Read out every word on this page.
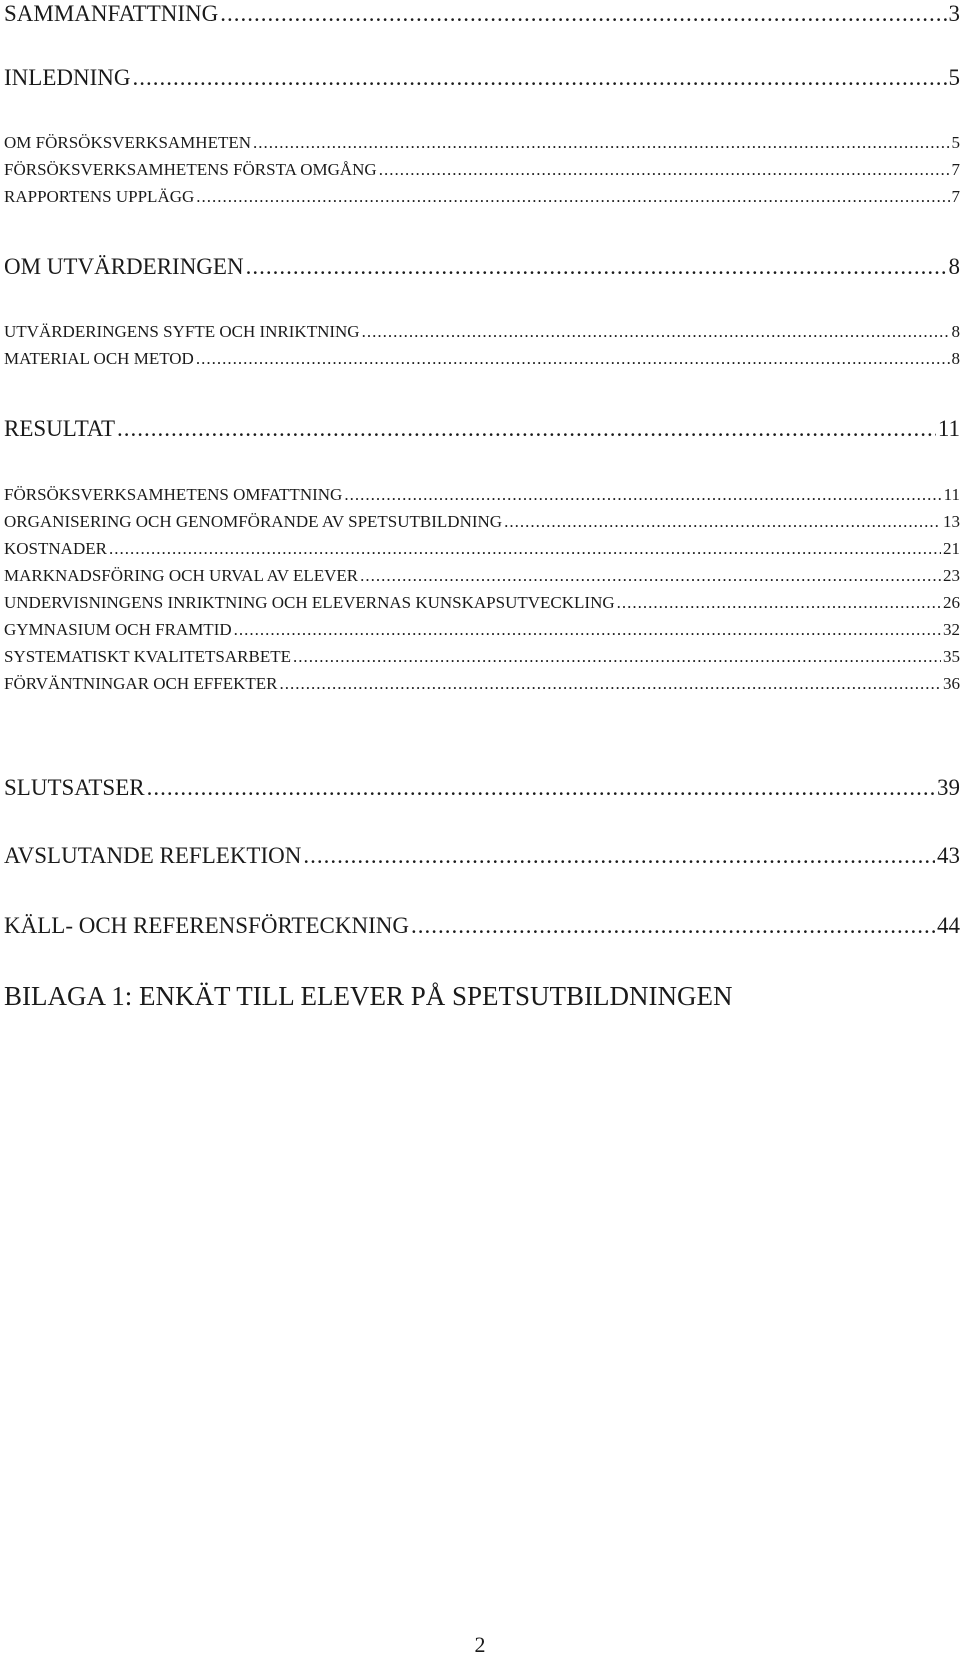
SAMMANFATTNING .....	3
INLEDNING .....	5
OM FÖRSÖKSVERKSAMHETEN .....	5
FÖRSÖKSVERKSAMHETENS FÖRSTA OMGÅNG .....	7
RAPPORTENS UPPLÄGG .....	7
OM UTVÄRDERINGEN .....	8
UTVÄRDERINGENS SYFTE OCH INRIKTNING .....	8
MATERIAL OCH METOD .....	8
RESULTAT .....	11
FÖRSÖKSVERKSAMHETENS OMFATTNING .....	11
ORGANISERING OCH GENOMFÖRANDE AV SPETSUTBILDNING .....	13
KOSTNADER .....	21
MARKNADSFÖRING OCH URVAL AV ELEVER .....	23
UNDERVISNINGENS INRIKTNING OCH ELEVERNAS KUNSKAPSUTVECKLING .....	26
GYMNASIUM OCH FRAMTID .....	32
SYSTEMATISKT KVALITETSARBETE .....	35
FÖRVÄNTNINGAR OCH EFFEKTER .....	36
SLUTSATSER .....	39
AVSLUTANDE REFLEKTION .....	43
KÄLL- OCH REFERENSFÖRTECKNING .....	44
BILAGA 1: ENKÄT TILL ELEVER PÅ SPETSUTBILDNINGEN
2
